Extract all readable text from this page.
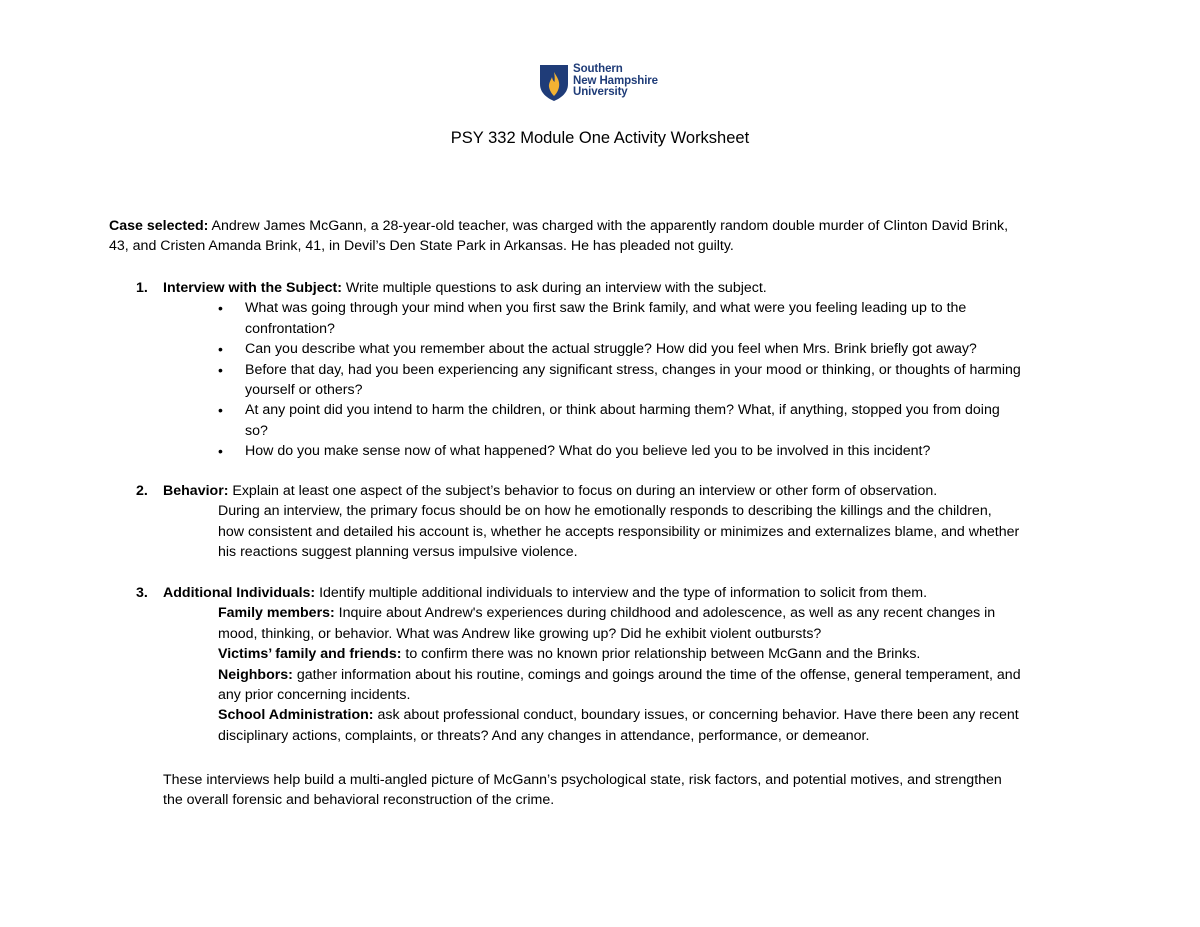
Southern
New Hampshire
University
PSY 332 Module One Activity Worksheet
Case selected: Andrew James McGann, a 28-year-old teacher, was charged with the apparently random double murder of Clinton David Brink,
43, and Cristen Amanda Brink, 41, in Devil’s Den State Park in Arkansas. He has pleaded not guilty.
1. Interview with the Subject: Write multiple questions to ask during an interview with the subject.
• What was going through your mind when you first saw the Brink family, and what were you feeling leading up to the
confrontation?
• Can you describe what you remember about the actual struggle? How did you feel when Mrs. Brink briefly got away?
• Before that day, had you been experiencing any significant stress, changes in your mood or thinking, or thoughts of harming
yourself or others?
• At any point did you intend to harm the children, or think about harming them? What, if anything, stopped you from doing
so?
• How do you make sense now of what happened? What do you believe led you to be involved in this incident?
2. Behavior: Explain at least one aspect of the subject’s behavior to focus on during an interview or other form of observation.

During an interview, the primary focus should be on how he emotionally responds to describing the killings and the children,

how consistent and detailed his account is, whether he accepts responsibility or minimizes and externalizes blame, and whether

his reactions suggest planning versus impulsive violence.

3. Additional Individuals: Identify multiple additional individuals to interview and the type of information to solicit from them.

Family members: Inquire about Andrew's experiences during childhood and adolescence, as well as any recent changes in

mood, thinking, or behavior. What was Andrew like growing up? Did he exhibit violent outbursts?

Victims’ family and friends: to confirm there was no known prior relationship between McGann and the Brinks.

Neighbors: gather information about his routine, comings and goings around the time of the offense, general temperament, and

any prior concerning incidents.

School Administration: ask about professional conduct, boundary issues, or concerning behavior. Have there been any recent

disciplinary actions, complaints, or threats? And any changes in attendance, performance, or demeanor.

These interviews help build a multi-angled picture of McGann’s psychological state, risk factors, and potential motives, and strengthen
the overall forensic and behavioral reconstruction of the crime.
